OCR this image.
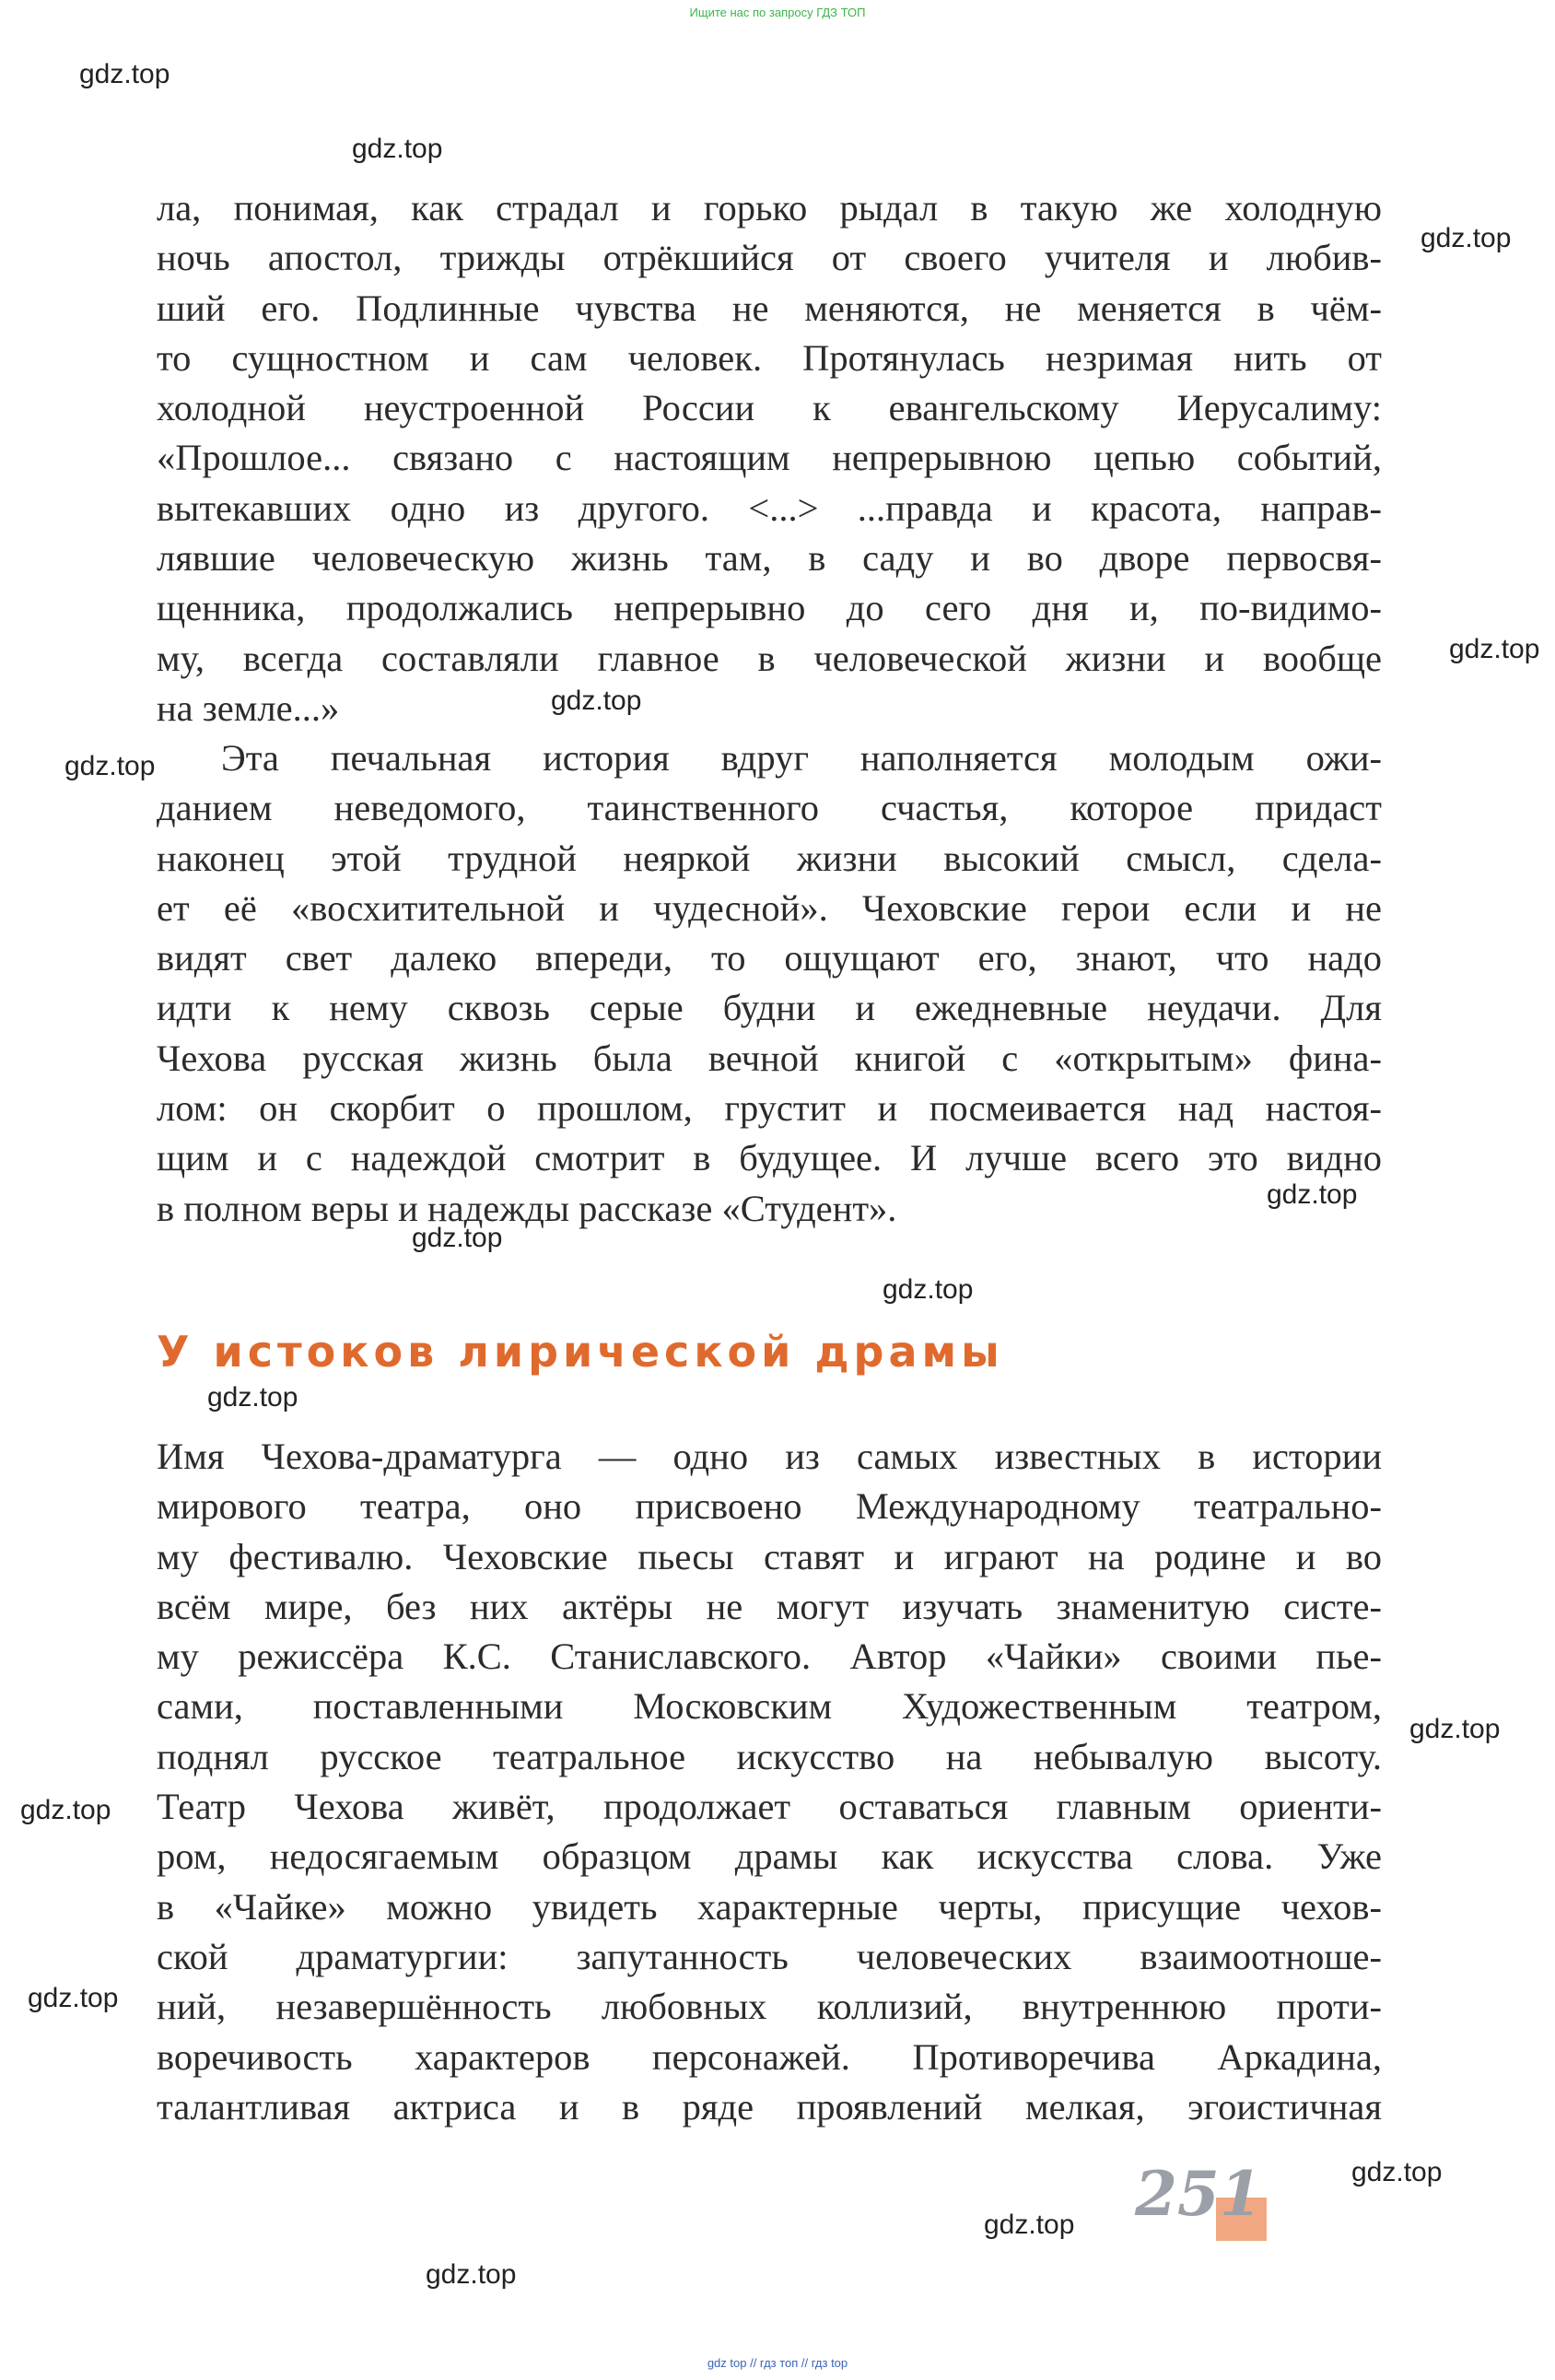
Ищите нас по запросу ГДЗ ТОП
gdz.top
gdz.top
gdz.top
gdz.top
gdz.top
gdz.top
gdz.top
gdz.top
gdz.top
gdz.top
gdz.top
gdz.top
gdz.top
gdz.top
gdz.top
gdz.top
ла, понимая, как страдал и горько рыдал в такую же холодную
ночь апостол, трижды отрёкшийся от своего учителя и любив-
ший его. Подлинные чувства не меняются, не меняется в чём-
то сущностном и сам человек. Протянулась незримая нить от
холодной неустроенной России к евангельскому Иерусалиму:
«Прошлое... связано с настоящим непрерывною цепью событий,
вытекавших одно из другого. <...> ...правда и красота, направ-
лявшие человеческую жизнь там, в саду и во дворе первосвя-
щенника, продолжались непрерывно до сего дня и, по-видимо-
му, всегда составляли главное в человеческой жизни и вообще
на земле...»
Эта печальная история вдруг наполняется молодым ожи-
данием неведомого, таинственного счастья, которое придаст
наконец этой трудной неяркой жизни высокий смысл, сдела-
ет её «восхитительной и чудесной». Чеховские герои если и не
видят свет далеко впереди, то ощущают его, знают, что надо
идти к нему сквозь серые будни и ежедневные неудачи. Для
Чехова русская жизнь была вечной книгой с «открытым» фина-
лом: он скорбит о прошлом, грустит и посмеивается над настоя-
щим и с надеждой смотрит в будущее. И лучше всего это видно
в полном веры и надежды рассказе «Студент».
У истоков лирической драмы
Имя Чехова-драматурга — одно из самых известных в истории
мирового театра, оно присвоено Международному театрально-
му фестивалю. Чеховские пьесы ставят и играют на родине и во
всём мире, без них актёры не могут изучать знаменитую систе-
му режиссёра К.С. Станиславского. Автор «Чайки» своими пье-
сами, поставленными Московским Художественным театром,
поднял русское театральное искусство на небывалую высоту.
Театр Чехова живёт, продолжает оставаться главным ориенти-
ром, недосягаемым образцом драмы как искусства слова. Уже
в «Чайке» можно увидеть характерные черты, присущие чехов-
ской драматургии: запутанность человеческих взаимоотноше-
ний, незавершённость любовных коллизий, внутреннюю проти-
воречивость характеров персонажей. Противоречива Аркадина,
талантливая актриса и в ряде проявлений мелкая, эгоистичная
251
gdz top // гдз топ // гдз top
